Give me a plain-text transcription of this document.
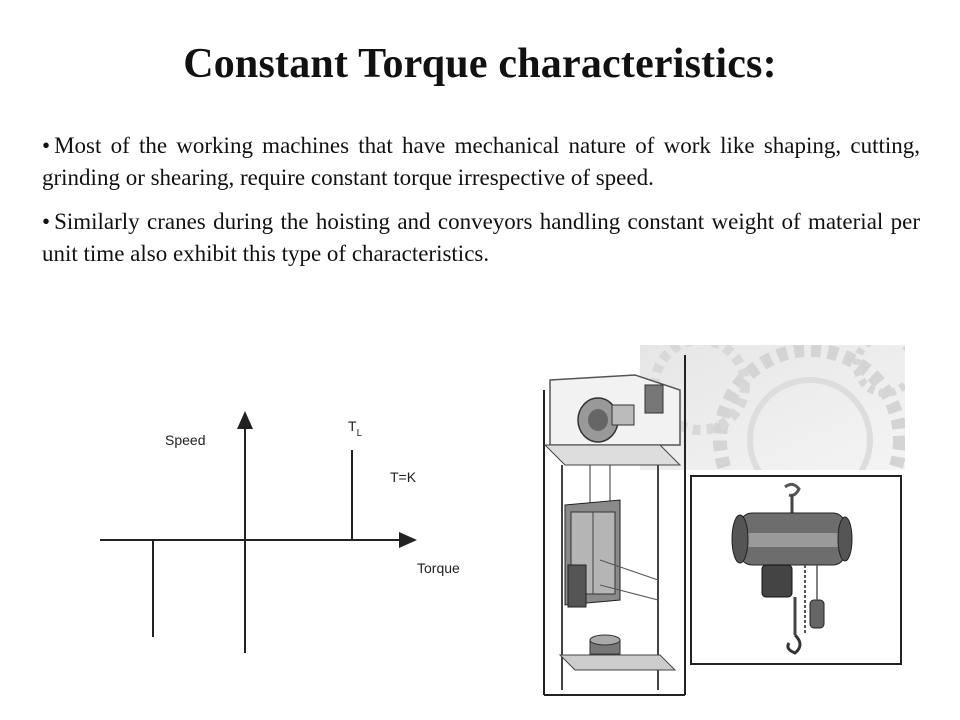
Constant Torque characteristics:
• Most of the working machines that have mechanical nature of work like shaping, cutting, grinding or shearing, require constant torque irrespective of speed.
• Similarly cranes during the hoisting and conveyors handling constant weight of material per unit time also exhibit this type of characteristics.
Speed
Torque
$T_L$
T=K
